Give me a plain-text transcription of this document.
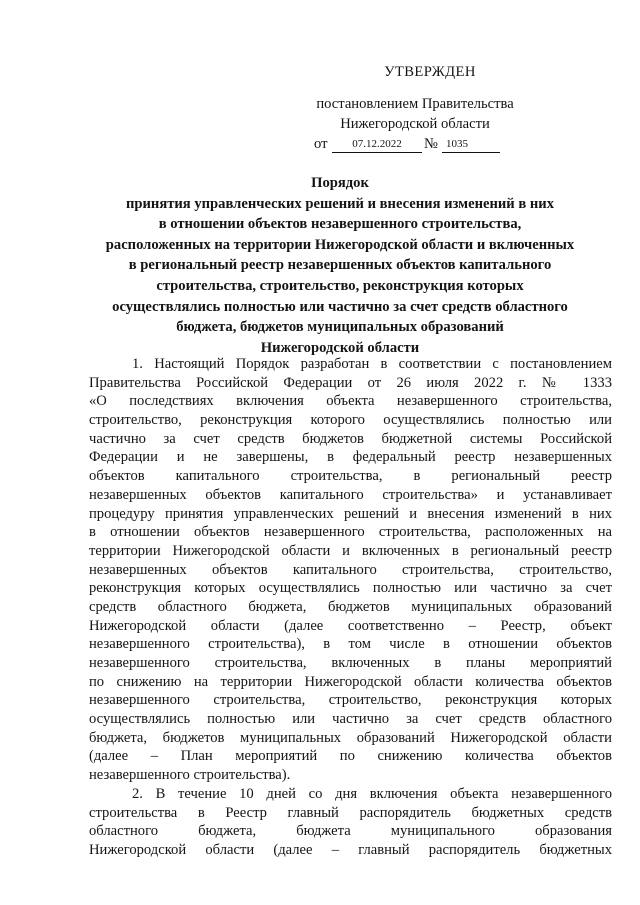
УТВЕРЖДЕН
постановлением Правительства
Нижегородской области
от	07.12.2022	№ 1035
Порядок
принятия управленческих решений и внесения изменений в них
в отношении объектов незавершенного строительства,
расположенных на территории Нижегородской области и включенных
в региональный реестр незавершенных объектов капитального
строительства, строительство, реконструкция которых
осуществлялись полностью или частично за счет средств областного
бюджета, бюджетов муниципальных образований
Нижегородской области
1. Настоящий Порядок разработан в соответствии с постановлением
Правительства Российской Федерации от 26 июля 2022 г. № 1333
«О последствиях включения объекта незавершенного строительства,
строительство, реконструкция которого осуществлялись полностью или
частично за счет средств бюджетов бюджетной системы Российской
Федерации и не завершены, в федеральный реестр незавершенных
объектов капитального строительства, в региональный реестр
незавершенных объектов капитального строительства» и устанавливает
процедуру принятия управленческих решений и внесения изменений в них
в отношении объектов незавершенного строительства, расположенных на
территории Нижегородской области и включенных в региональный реестр
незавершенных объектов капитального строительства, строительство,
реконструкция которых осуществлялись полностью или частично за счет
средств областного бюджета, бюджетов муниципальных образований
Нижегородской области (далее соответственно – Реестр, объект
незавершенного строительства), в том числе в отношении объектов
незавершенного строительства, включенных в планы мероприятий
по снижению на территории Нижегородской области количества объектов
незавершенного строительства, строительство, реконструкция которых
осуществлялись полностью или частично за счет средств областного
бюджета, бюджетов муниципальных образований Нижегородской области
(далее – План мероприятий по снижению количества объектов
незавершенного строительства).
2. В течение 10 дней со дня включения объекта незавершенного
строительства в Реестр главный распорядитель бюджетных средств
областного бюджета, бюджета муниципального образования
Нижегородской области (далее – главный распорядитель бюджетных
